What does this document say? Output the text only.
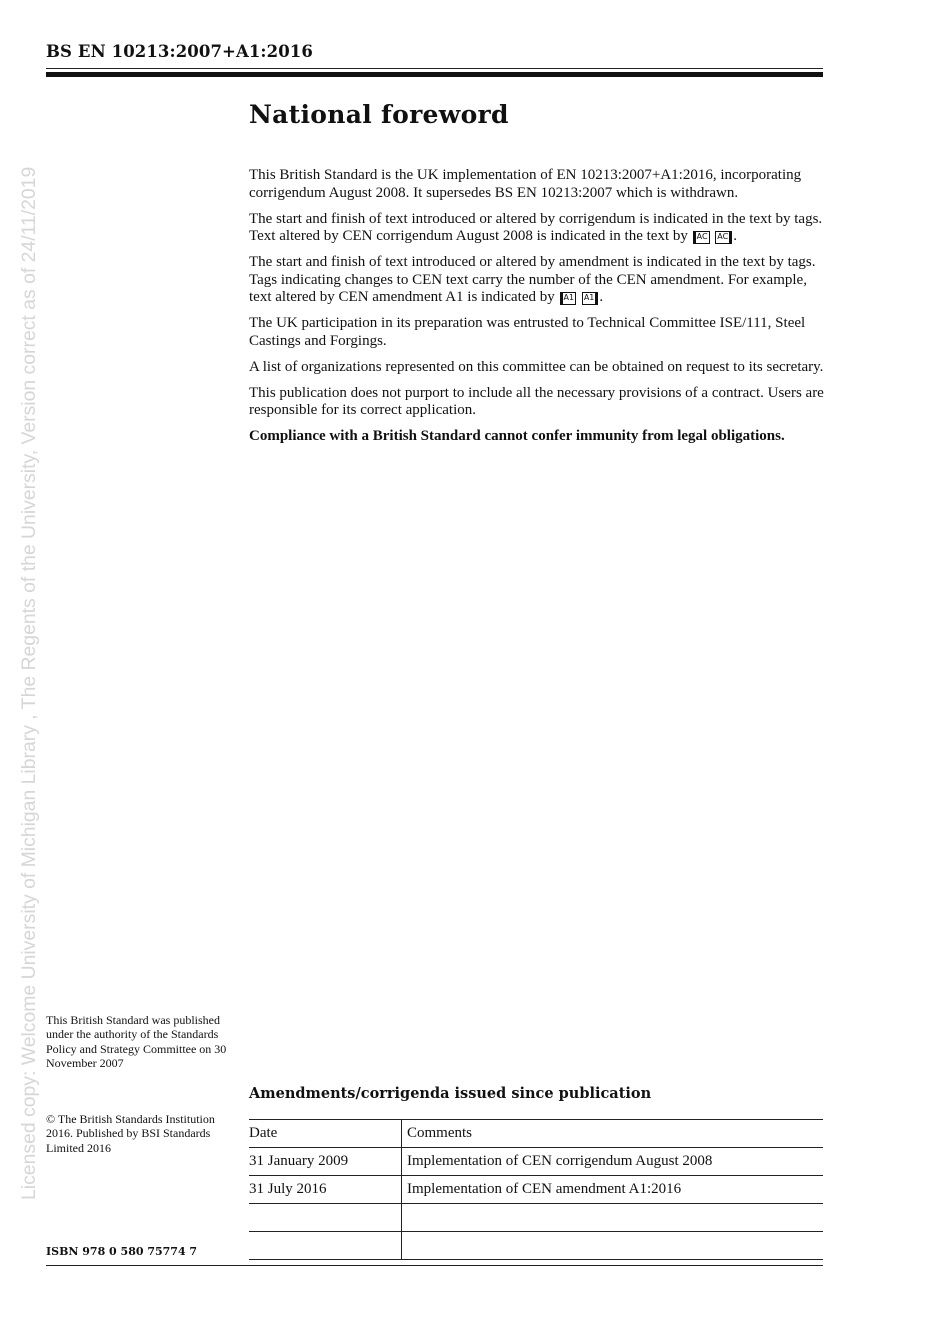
BS EN 10213:2007+A1:2016
Licensed copy: Welcome University of Michigan Library , The Regents of the University, Version correct as of 24/11/2019
National foreword

This British Standard is the UK implementation of EN 10213:2007+A1:2016, incorporating corrigendum August 2008. It supersedes BS EN 10213:2007 which is withdrawn.

The start and finish of text introduced or altered by corrigendum is indicated in the text by tags. Text altered by CEN corrigendum August 2008 is indicated in the text by AC AC .

The start and finish of text introduced or altered by amendment is indicated in the text by tags. Tags indicating changes to CEN text carry the number of the CEN amendment. For example, text altered by CEN amendment A1 is indicated by A1 A1 .

The UK participation in its preparation was entrusted to Technical Committee ISE/111, Steel Castings and Forgings.

A list of organizations represented on this committee can be obtained on request to its secretary.

This publication does not purport to include all the necessary provisions of a contract. Users are responsible for its correct application.

Compliance with a British Standard cannot confer immunity from legal obligations.

This British Standard was published under the authority of the Standards Policy and Strategy Committee on 30 November 2007

© The British Standards Institution 2016. Published by BSI Standards Limited 2016

ISBN 978 0 580 75774 7
Amendments/corrigenda issued since publication
Date	Comments
31 January 2009	Implementation of CEN corrigendum August 2008
31 July 2016	Implementation of CEN amendment A1:2016
